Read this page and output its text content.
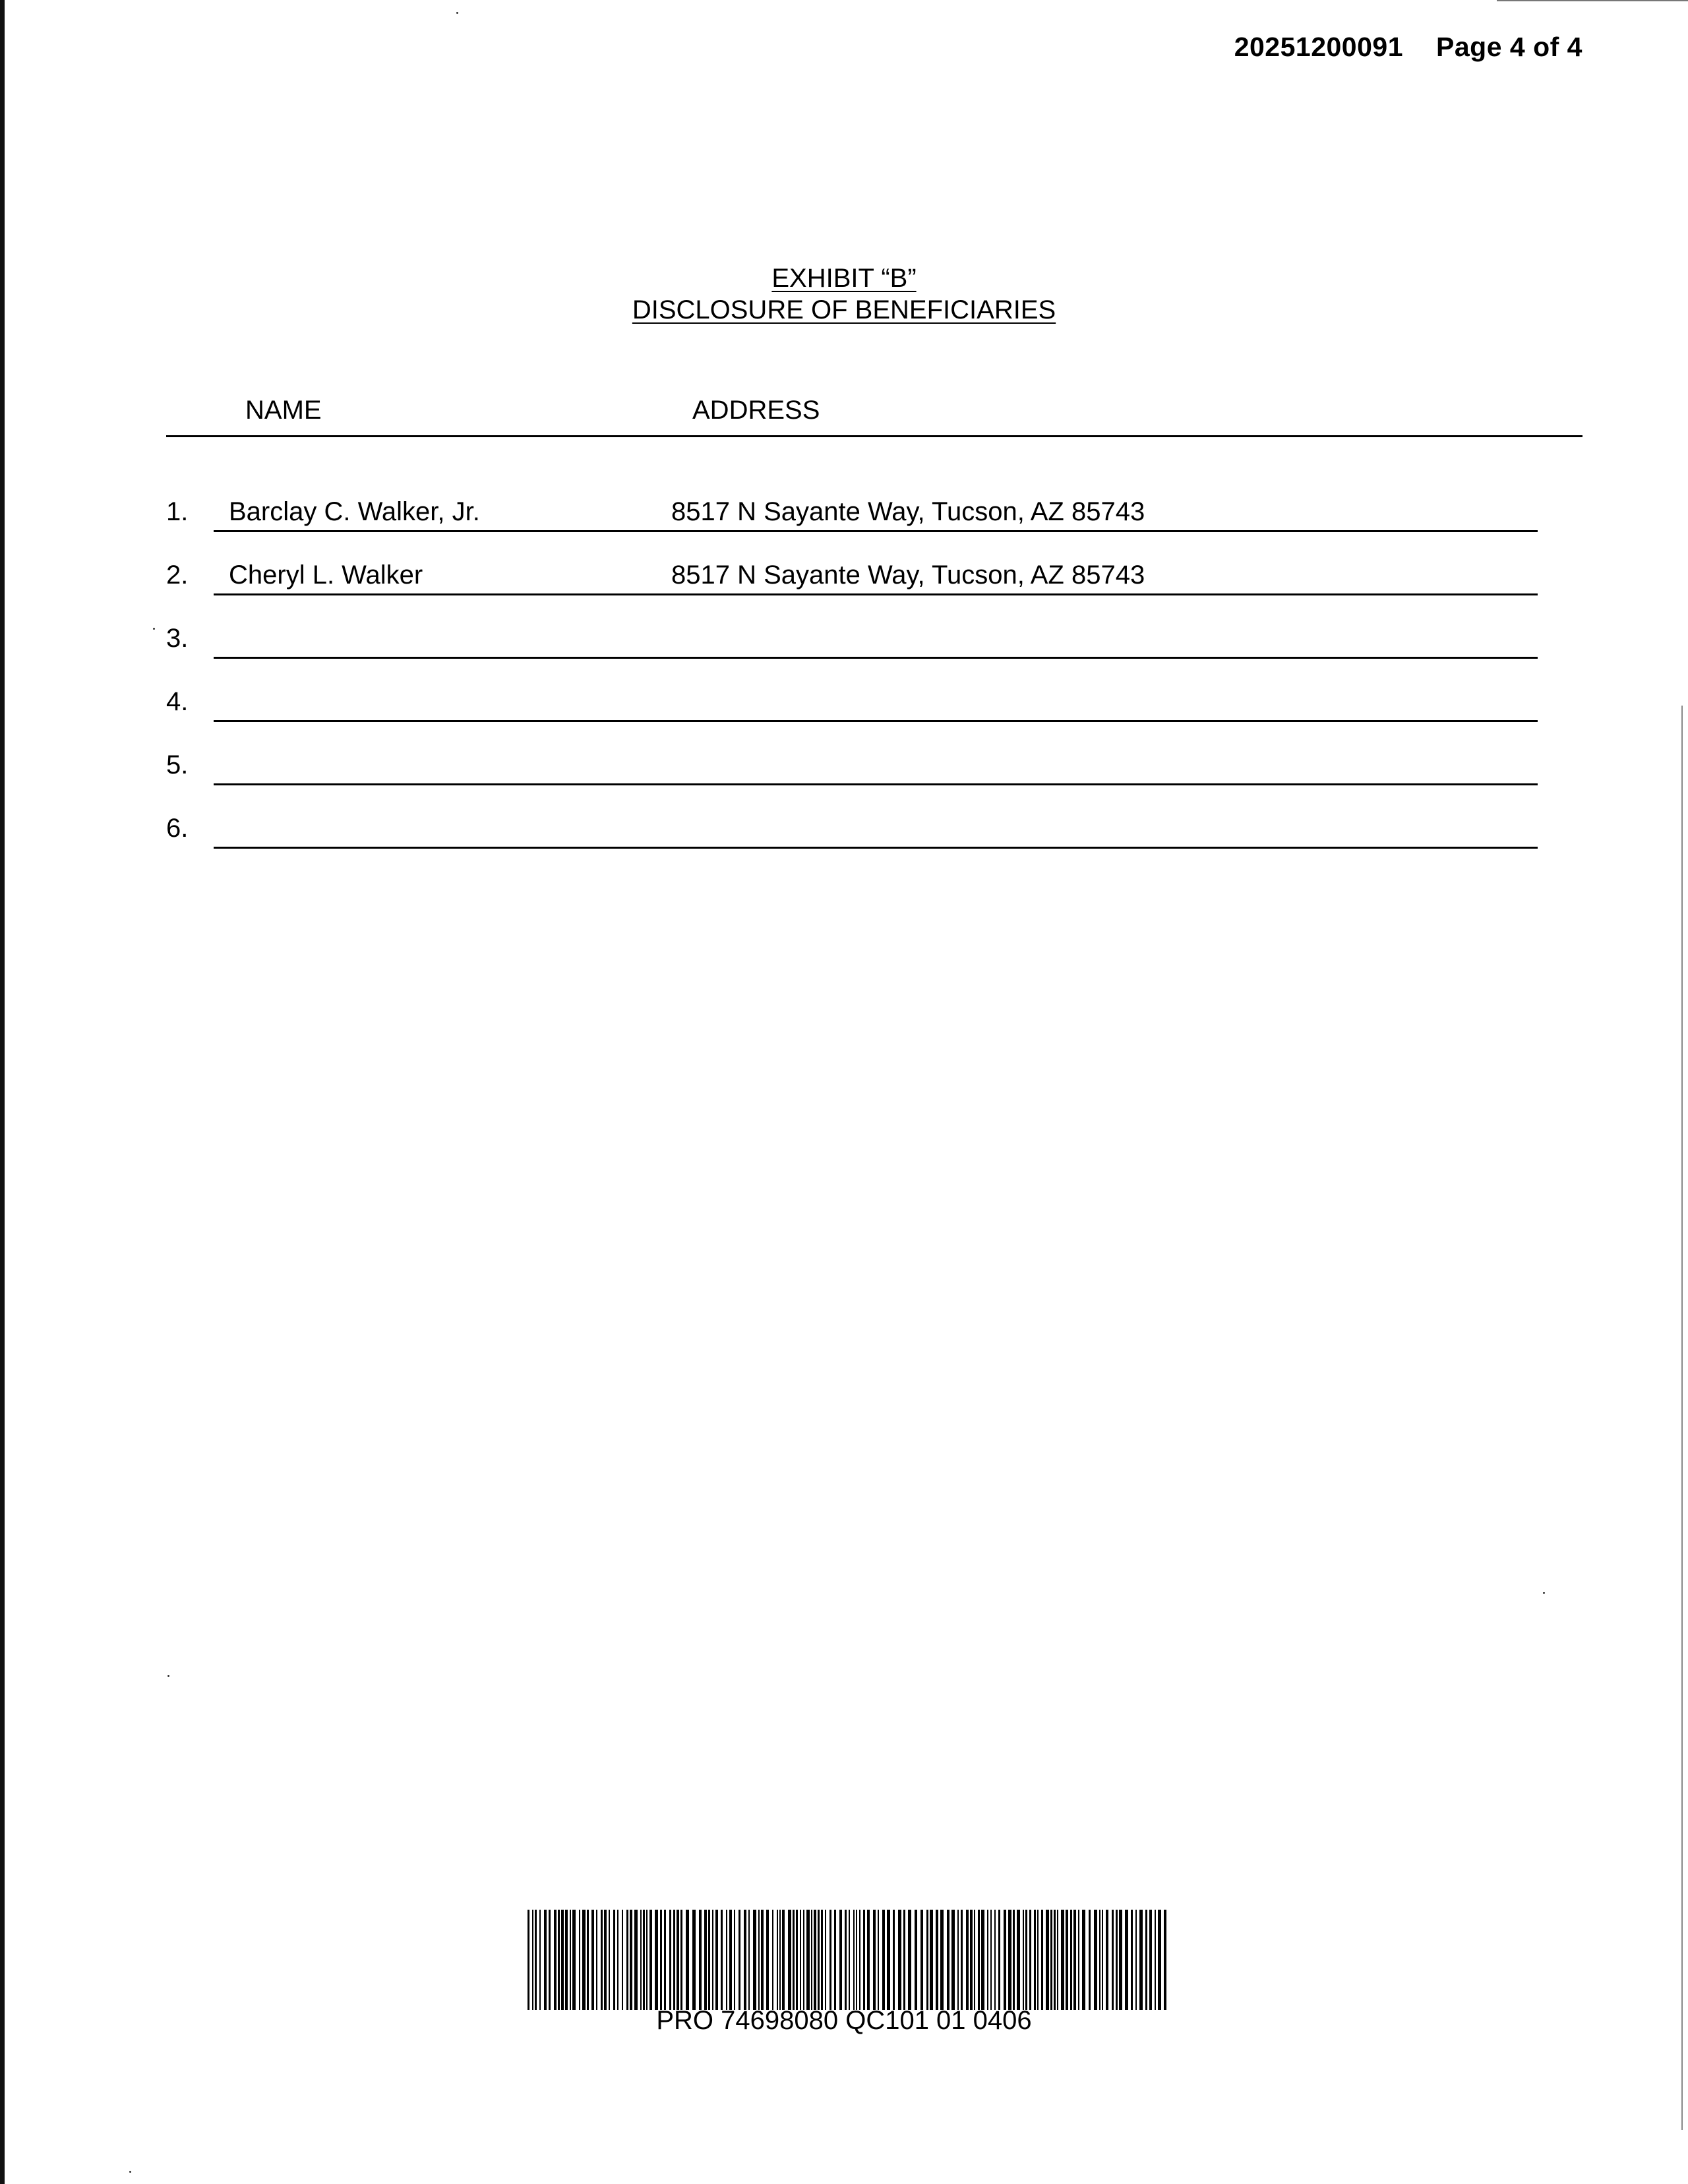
20251200091 Page 4 of 4
EXHIBIT “B”
DISCLOSURE OF BENEFICIARIES
NAME	ADDRESS
1. Barclay C. Walker, Jr.	8517 N Sayante Way, Tucson, AZ 85743
2. Cheryl L. Walker	8517 N Sayante Way, Tucson, AZ 85743
3.
4.
5.
6.
PRO 74698080 QC101 01 0406
